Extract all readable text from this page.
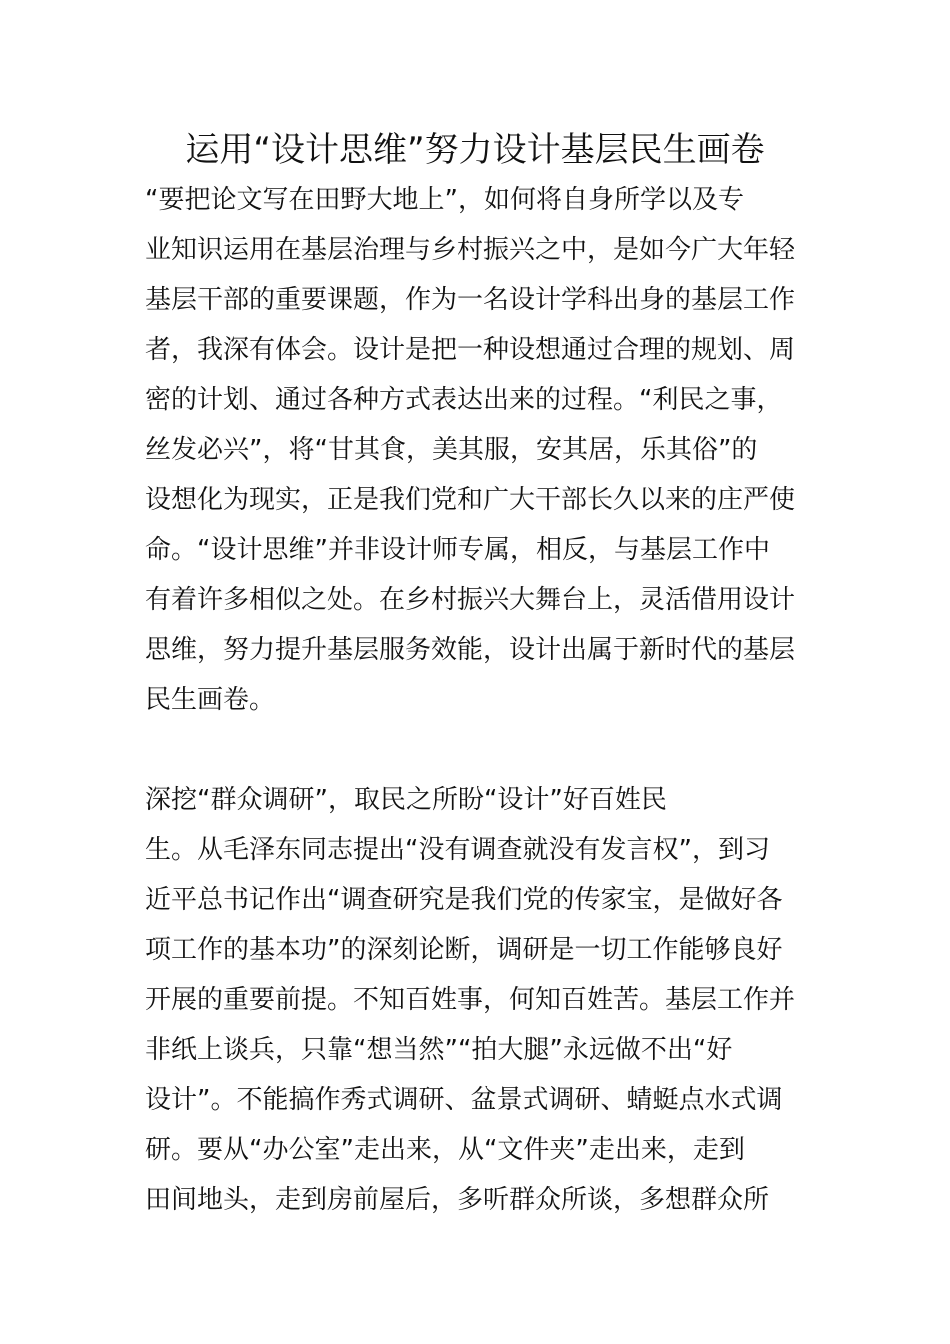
运用“设计思维”努力设计基层民生画卷
“要把论文写在田野大地上”，如何将自身所学以及专
业知识运用在基层治理与乡村振兴之中，是如今广大年轻
基层干部的重要课题，作为一名设计学科出身的基层工作
者，我深有体会。设计是把一种设想通过合理的规划、周
密的计划、通过各种方式表达出来的过程。“利民之事，
丝发必兴”，将“甘其食，美其服，安其居，乐其俗”的
设想化为现实，正是我们党和广大干部长久以来的庄严使
命。“设计思维”并非设计师专属，相反，与基层工作中
有着许多相似之处。在乡村振兴大舞台上，灵活借用设计
思维，努力提升基层服务效能，设计出属于新时代的基层
民生画卷。
深挖“群众调研”，取民之所盼“设计”好百姓民
生。从毛泽东同志提出“没有调查就没有发言权”，到习
近平总书记作出“调查研究是我们党的传家宝，是做好各
项工作的基本功”的深刻论断，调研是一切工作能够良好
开展的重要前提。不知百姓事，何知百姓苦。基层工作并
非纸上谈兵，只靠“想当然”“拍大腿”永远做不出“好
设计”。不能搞作秀式调研、盆景式调研、蜻蜓点水式调
研。要从“办公室”走出来，从“文件夹”走出来，走到
田间地头，走到房前屋后，多听群众所谈，多想群众所
